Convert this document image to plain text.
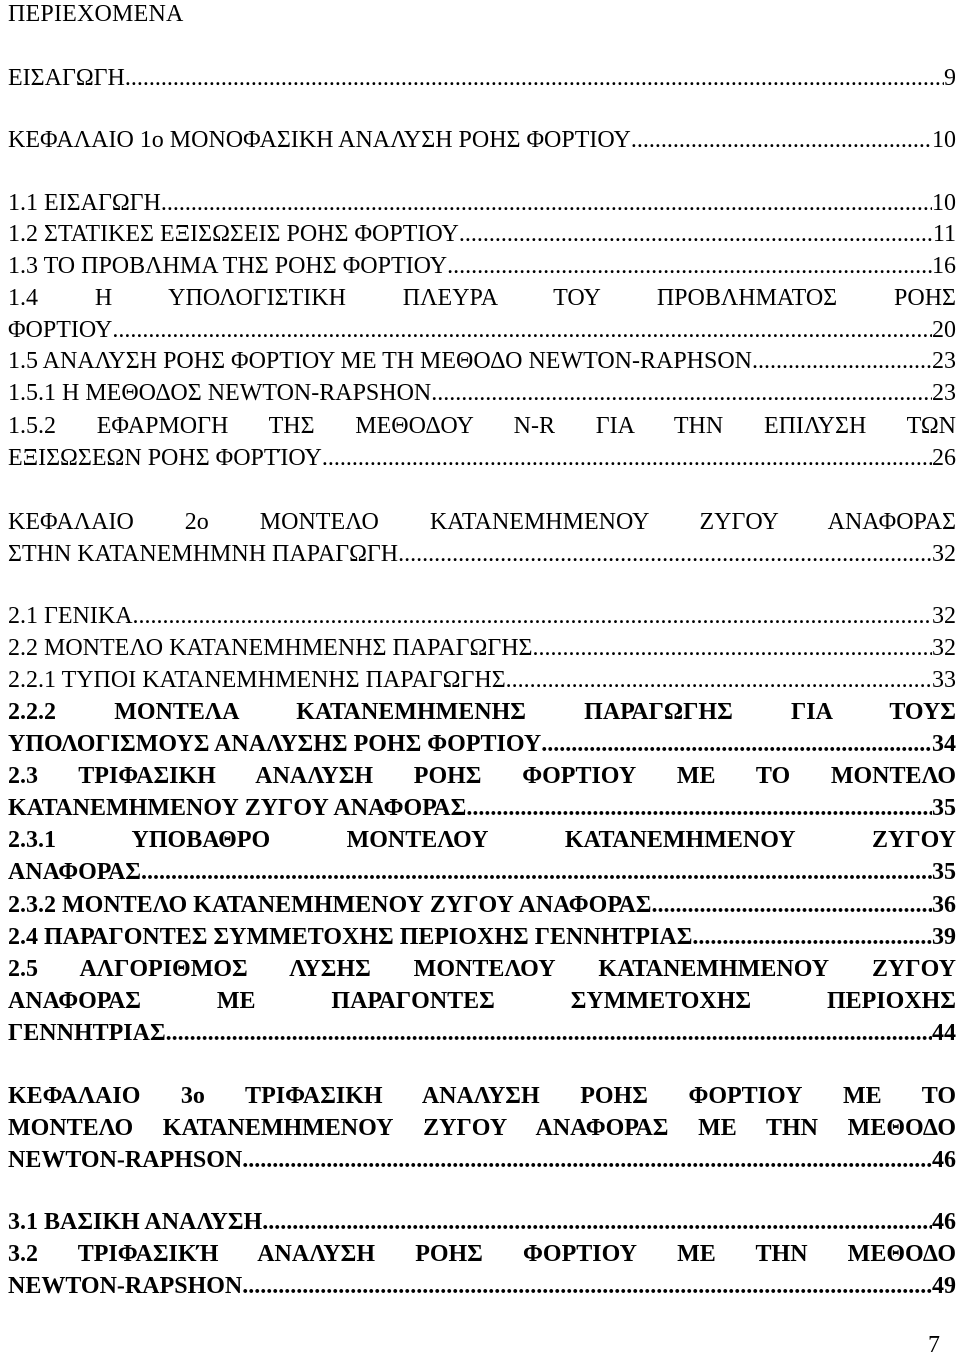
ΠΕΡΙΕΧΟΜΕΝΑ
ΕΙΣΑΓΩΓΗ .....	9
ΚΕΦΑΛΑΙΟ 1ο ΜΟΝΟΦΑΣΙΚΗ ΑΝΑΛΥΣΗ ΡΟΗΣ ΦΟΡΤΙΟΥ .....	10
1.1 ΕΙΣΑΓΩΓΗ .....	10
1.2 ΣΤΑΤΙΚΕΣ ΕΞΙΣΩΣΕΙΣ ΡΟΗΣ ΦΟΡΤΙΟΥ .....	11
1.3 ΤΟ ΠΡΟΒΛΗΜΑ ΤΗΣ ΡΟΗΣ ΦΟΡΤΙΟΥ .....	16
1.4 Η ΥΠΟΛΟΓΙΣΤΙΚΗ ΠΛΕΥΡΑ ΤΟΥ ΠΡΟΒΛΗΜΑΤΟΣ ΡΟΗΣ
ΦΟΡΤΙΟΥ .....	20
1.5 ΑΝΑΛΥΣΗ ΡΟΗΣ ΦΟΡΤΙΟΥ ΜΕ ΤΗ ΜΕΘΟΔΟ NEWTON-RAPHSON .....	23
1.5.1 Η ΜΕΘΟΔΟΣ NEWTON-RAPSHON .....	23
1.5.2 ΕΦΑΡΜΟΓΗ ΤΗΣ ΜΕΘΟΔΟΥ N-R ΓΙΑ ΤΗΝ ΕΠΙΛΥΣΗ ΤΩΝ
ΕΞΙΣΩΣΕΩΝ ΡΟΗΣ ΦΟΡΤΊΟΥ .....	26
ΚΕΦΑΛΑΙΟ 2ο ΜΟΝΤΕΛΟ ΚΑΤΑΝΕΜΗΜΕΝΟΥ ΖΥΓΟΥ ΑΝΑΦΟΡΑΣ
ΣΤΗΝ ΚΑΤΑΝΕΜΗΜΝΗ ΠΑΡΑΓΩΓΗ .....	32
2.1 ΓΕΝΙΚΑ .....	32
2.2 ΜΟΝΤΕΛΟ ΚΑΤΑΝΕΜΗΜΕΝΗΣ ΠΑΡΑΓΩΓΗΣ .....	32
2.2.1 ΤΥΠΟΙ ΚΑΤΑΝΕΜΗΜΕΝΗΣ ΠΑΡΑΓΩΓΗΣ .....	33
2.2.2 ΜΟΝΤΕΛΑ ΚΑΤΑΝΕΜΗΜΕΝΗΣ ΠΑΡΑΓΩΓΗΣ ΓΙΑ ΤΟΥΣ
ΥΠΟΛΟΓΙΣΜΟΥΣ ΑΝΑΛΥΣΗΣ ΡΟΗΣ ΦΟΡΤΙΟΥ .....	34
2.3 ΤΡΙΦΑΣΙΚΗ ΑΝΑΛΥΣΗ ΡΟΗΣ ΦΟΡΤΙΟΥ ΜΕ ΤΟ ΜΟΝΤΕΛΟ
ΚΑΤΑΝΕΜΗΜΕΝΟΥ ΖΥΓΟΥ ΑΝΑΦΟΡΑΣ .....	35
2.3.1 ΥΠΟΒΑΘΡΟ ΜΟΝΤΕΛΟΥ ΚΑΤΑΝΕΜΗΜΕΝΟΥ ΖΥΓΟΥ
ΑΝΑΦΟΡΑΣ .....	35
2.3.2 ΜΟΝΤΕΛΟ ΚΑΤΑΝΕΜΗΜΕΝΟΥ ΖΥΓΟΥ ΑΝΑΦΟΡΑΣ .....	36
2.4 ΠΑΡΑΓΟΝΤΕΣ ΣΥΜΜΕΤΟΧΗΣ ΠΕΡΙΟΧΗΣ ΓΕΝΝΗΤΡΙΑΣ .....	39
2.5 ΑΛΓΟΡΙΘΜΟΣ ΛΥΣΗΣ ΜΟΝΤΕΛΟΥ ΚΑΤΑΝΕΜΗΜΕΝΟΥ ΖΥΓΟΥ
ΑΝΑΦΟΡΑΣ ΜΕ ΠΑΡΑΓΟΝΤΕΣ ΣΥΜΜΕΤΟΧΗΣ ΠΕΡΙΟΧΗΣ
ΓΕΝΝΗΤΡΙΑΣ .....	44
ΚΕΦΑΛΑΙΟ 3ο ΤΡΙΦΑΣΙΚΗ ΑΝΑΛΥΣΗ ΡΟΗΣ ΦΟΡΤΙΟΥ ΜΕ ΤΟ
ΜΟΝΤΕΛΟ ΚΑΤΑΝΕΜΗΜΕΝΟΥ ΖΥΓΟΥ ΑΝΑΦΟΡΑΣ ΜΕ ΤΗΝ ΜΕΘΟΔΟ
NEWTON-RAPHSON .....	46
3.1 ΒΑΣΙΚΗ ΑΝΑΛΥΣΗ .....	46
3.2 ΤΡΙΦΑΣΙΚΉ ΑΝΑΛΥΣΗ ΡΟΗΣ ΦΟΡΤΙΟΥ ΜΕ ΤΗΝ ΜΕΘΟΔΟ
NEWTON-RAPSHON .....	49
7
